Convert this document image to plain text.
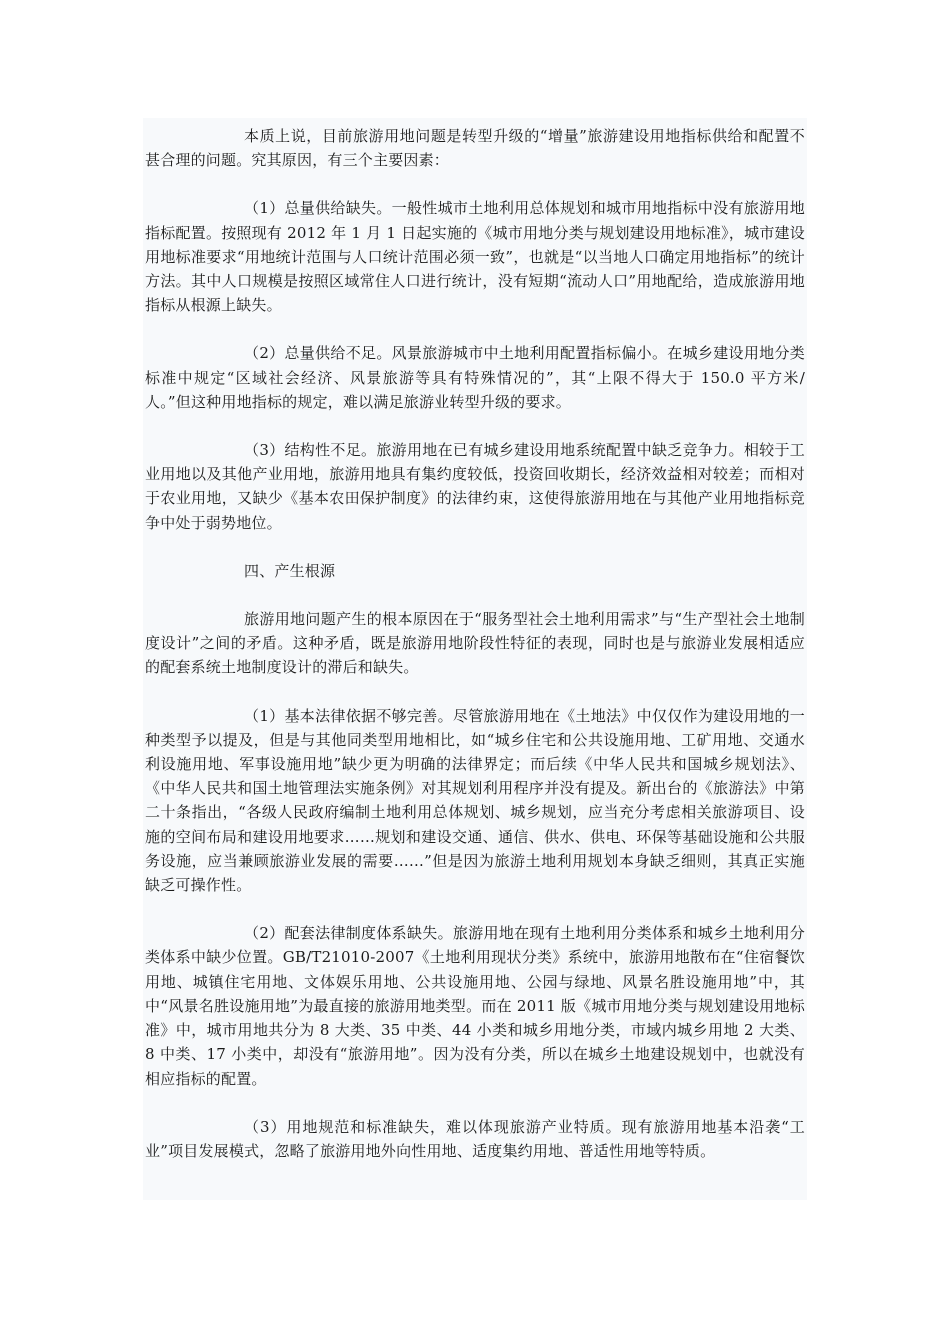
本质上说，目前旅游用地问题是转型升级的“增量”旅游建设用地指标供给和配置不甚合理的问题。究其原因，有三个主要因素：

（1）总量供给缺失。一般性城市土地利用总体规划和城市用地指标中没有旅游用地指标配置。按照现有 2012 年 1 月 1 日起实施的《城市用地分类与规划建设用地标准》，城市建设用地标准要求“用地统计范围与人口统计范围必须一致”，也就是“以当地人口确定用地指标”的统计方法。其中人口规模是按照区域常住人口进行统计，没有短期“流动人口”用地配给，造成旅游用地指标从根源上缺失。

（2）总量供给不足。风景旅游城市中土地利用配置指标偏小。在城乡建设用地分类标准中规定“区域社会经济、风景旅游等具有特殊情况的”，其“上限不得大于 150.0 平方米/人。”但这种用地指标的规定，难以满足旅游业转型升级的要求。

（3）结构性不足。旅游用地在已有城乡建设用地系统配置中缺乏竞争力。相较于工业用地以及其他产业用地，旅游用地具有集约度较低，投资回收期长，经济效益相对较差；而相对于农业用地，又缺少《基本农田保护制度》的法律约束，这使得旅游用地在与其他产业用地指标竞争中处于弱势地位。

四、产生根源

旅游用地问题产生的根本原因在于“服务型社会土地利用需求”与“生产型社会土地制度设计”之间的矛盾。这种矛盾，既是旅游用地阶段性特征的表现，同时也是与旅游业发展相适应的配套系统土地制度设计的滞后和缺失。

（1）基本法律依据不够完善。尽管旅游用地在《土地法》中仅仅作为建设用地的一种类型予以提及，但是与其他同类型用地相比，如“城乡住宅和公共设施用地、工矿用地、交通水利设施用地、军事设施用地”缺少更为明确的法律界定；而后续《中华人民共和国城乡规划法》、《中华人民共和国土地管理法实施条例》对其规划利用程序并没有提及。新出台的《旅游法》中第二十条指出，“各级人民政府编制土地利用总体规划、城乡规划，应当充分考虑相关旅游项目、设施的空间布局和建设用地要求……规划和建设交通、通信、供水、供电、环保等基础设施和公共服务设施，应当兼顾旅游业发展的需要……”但是因为旅游土地利用规划本身缺乏细则，其真正实施缺乏可操作性。

（2）配套法律制度体系缺失。旅游用地在现有土地利用分类体系和城乡土地利用分类体系中缺少位置。GB/T21010-2007《土地利用现状分类》系统中，旅游用地散布在“住宿餐饮用地、城镇住宅用地、文体娱乐用地、公共设施用地、公园与绿地、风景名胜设施用地”中，其中“风景名胜设施用地”为最直接的旅游用地类型。而在 2011 版《城市用地分类与规划建设用地标准》中，城市用地共分为 8 大类、35 中类、44 小类和城乡用地分类，市域内城乡用地 2 大类、8 中类、17 小类中，却没有“旅游用地”。因为没有分类，所以在城乡土地建设规划中，也就没有相应指标的配置。

（3）用地规范和标准缺失，难以体现旅游产业特质。现有旅游用地基本沿袭“工业”项目发展模式，忽略了旅游用地外向性用地、适度集约用地、普适性用地等特质。
